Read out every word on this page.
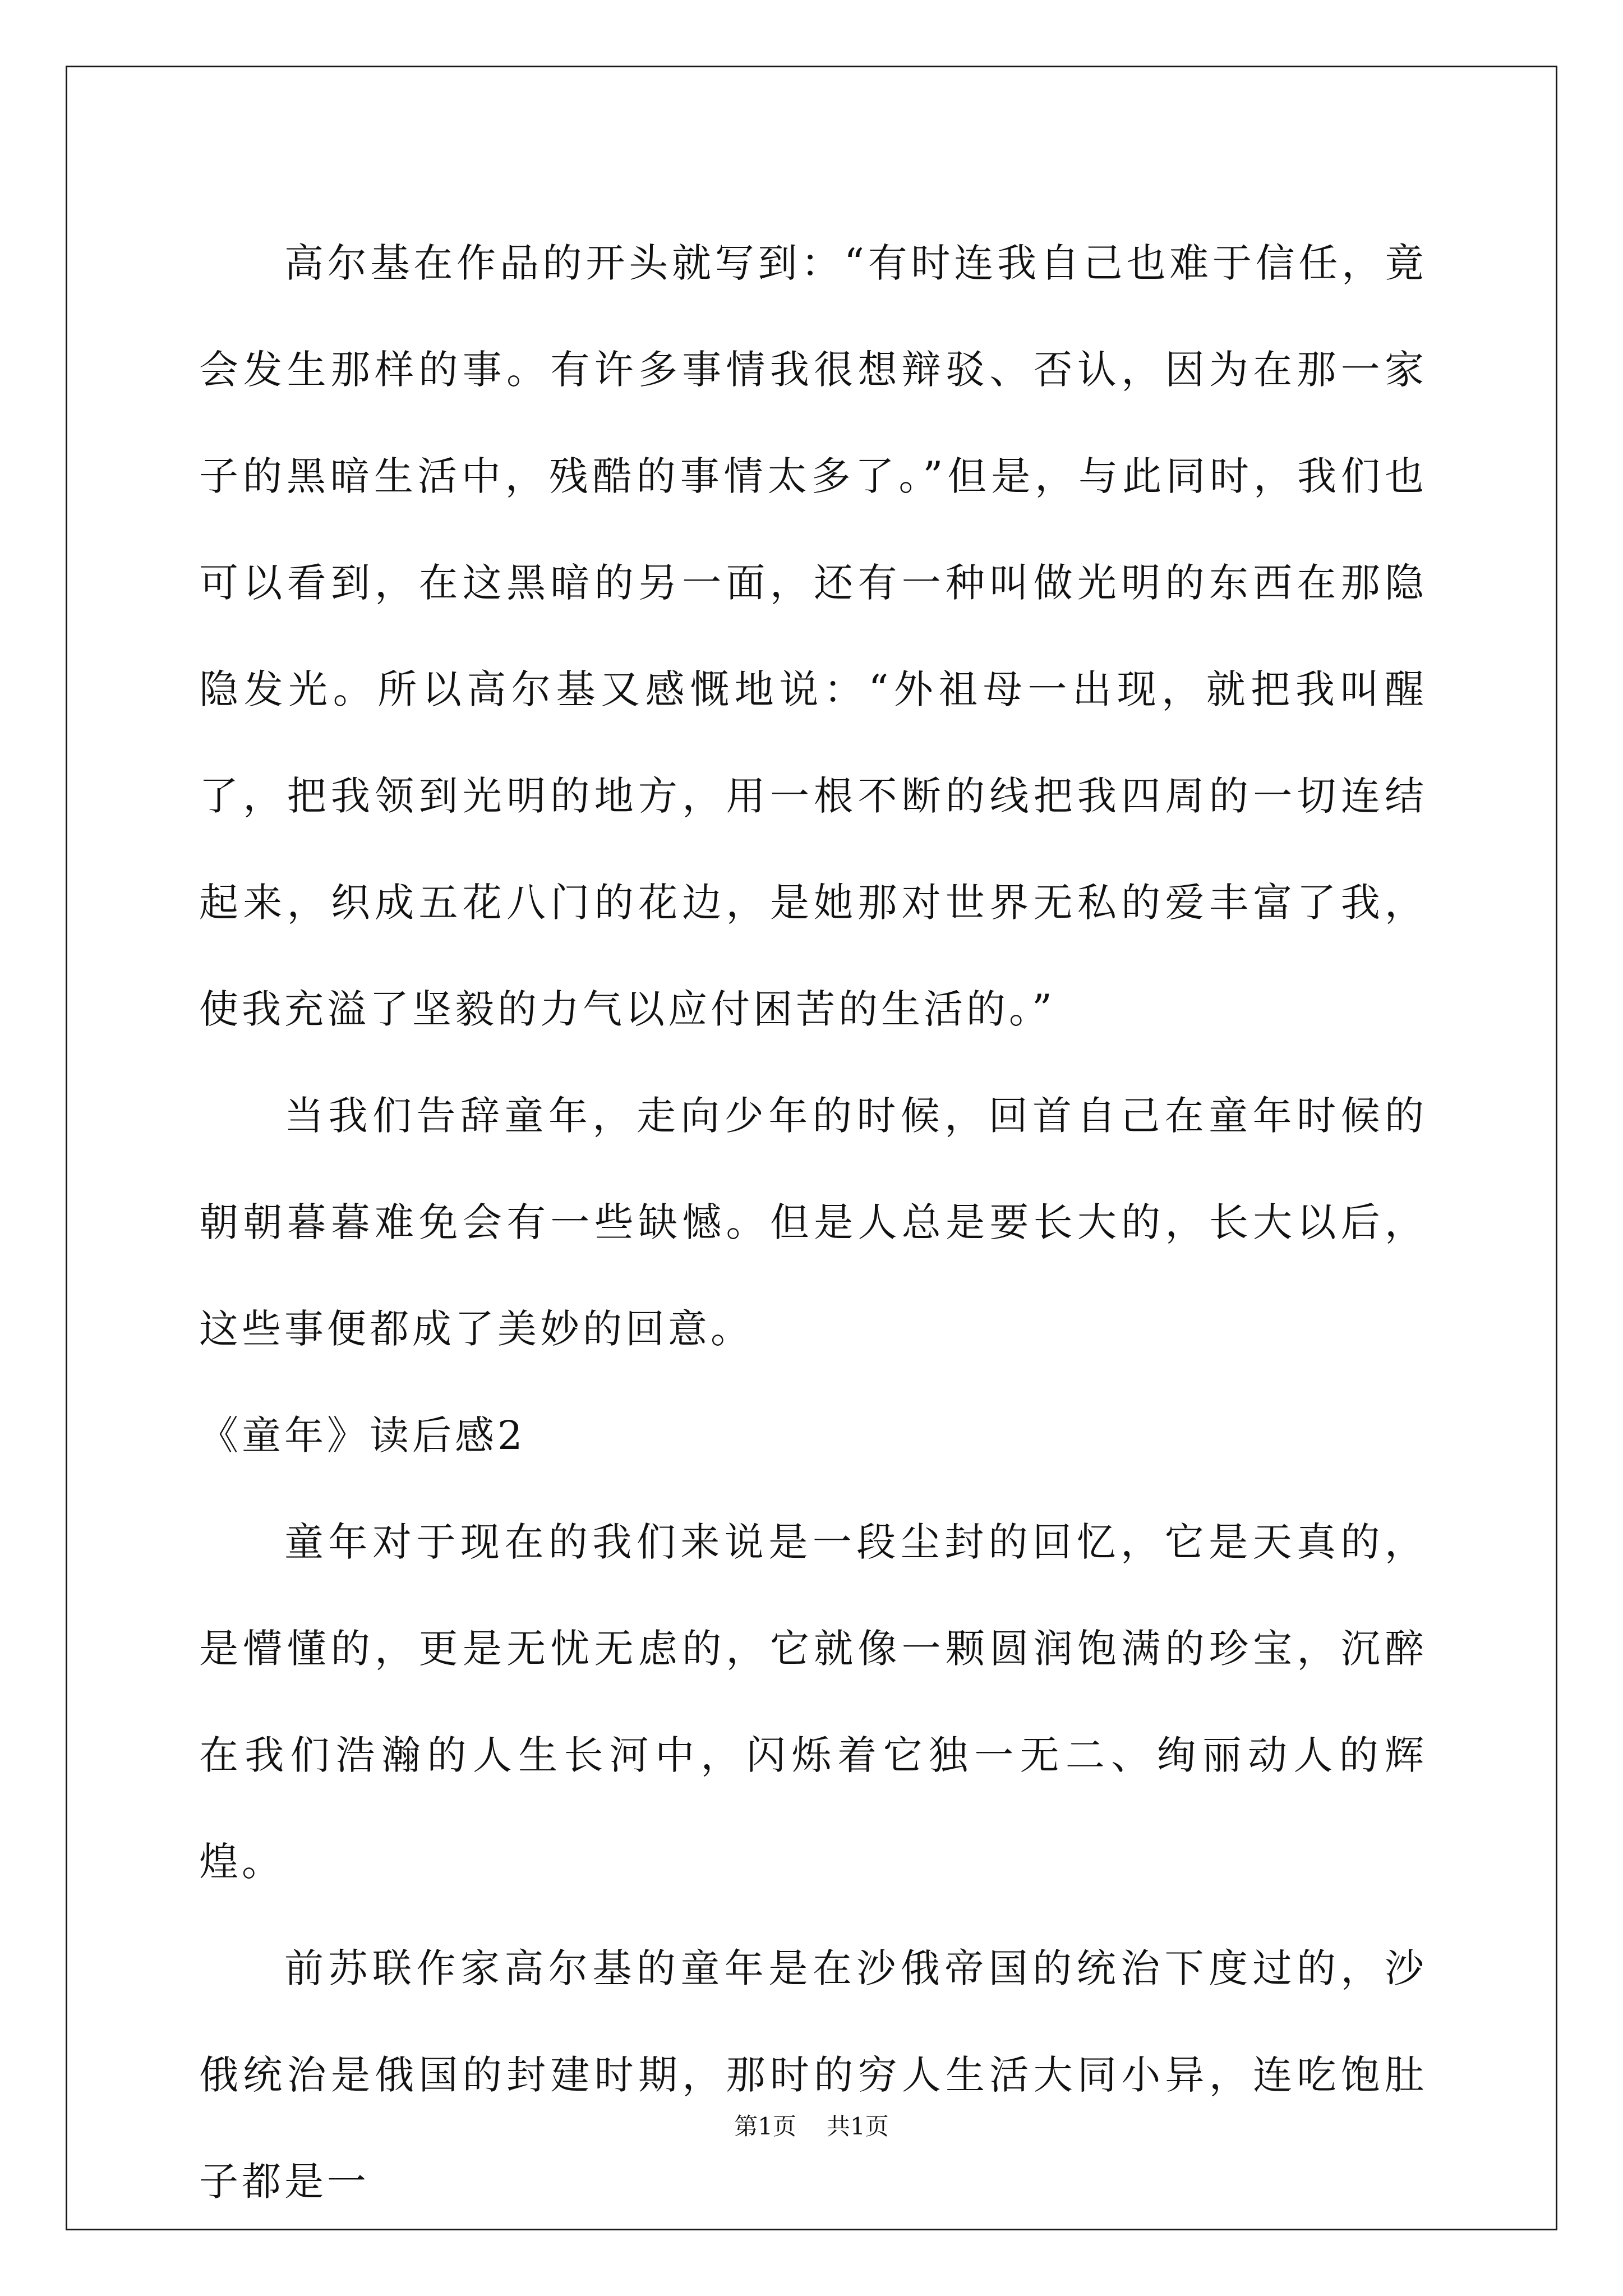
高尔基在作品的开头就写到：“有时连我自己也难于信任，竟会发生那样的事。有许多事情我很想辩驳、否认，因为在那一家子的黑暗生活中，残酷的事情太多了。”但是，与此同时，我们也可以看到，在这黑暗的另一面，还有一种叫做光明的东西在那隐隐发光。所以高尔基又感慨地说：“外祖母一出现，就把我叫醒了，把我领到光明的地方，用一根不断的线把我四周的一切连结起来，织成五花八门的花边，是她那对世界无私的爱丰富了我，使我充溢了坚毅的力气以应付困苦的生活的。”

当我们告辞童年，走向少年的时候，回首自己在童年时候的朝朝暮暮难免会有一些缺憾。但是人总是要长大的，长大以后，这些事便都成了美妙的回意。

《童年》读后感2

童年对于现在的我们来说是一段尘封的回忆，它是天真的，是懵懂的，更是无忧无虑的，它就像一颗圆润饱满的珍宝，沉醉在我们浩瀚的人生长河中，闪烁着它独一无二、绚丽动人的辉煌。

前苏联作家高尔基的童年是在沙俄帝国的统治下度过的，沙俄统治是俄国的封建时期，那时的穷人生活大同小异，连吃饱肚子都是一

第1页 共1页
